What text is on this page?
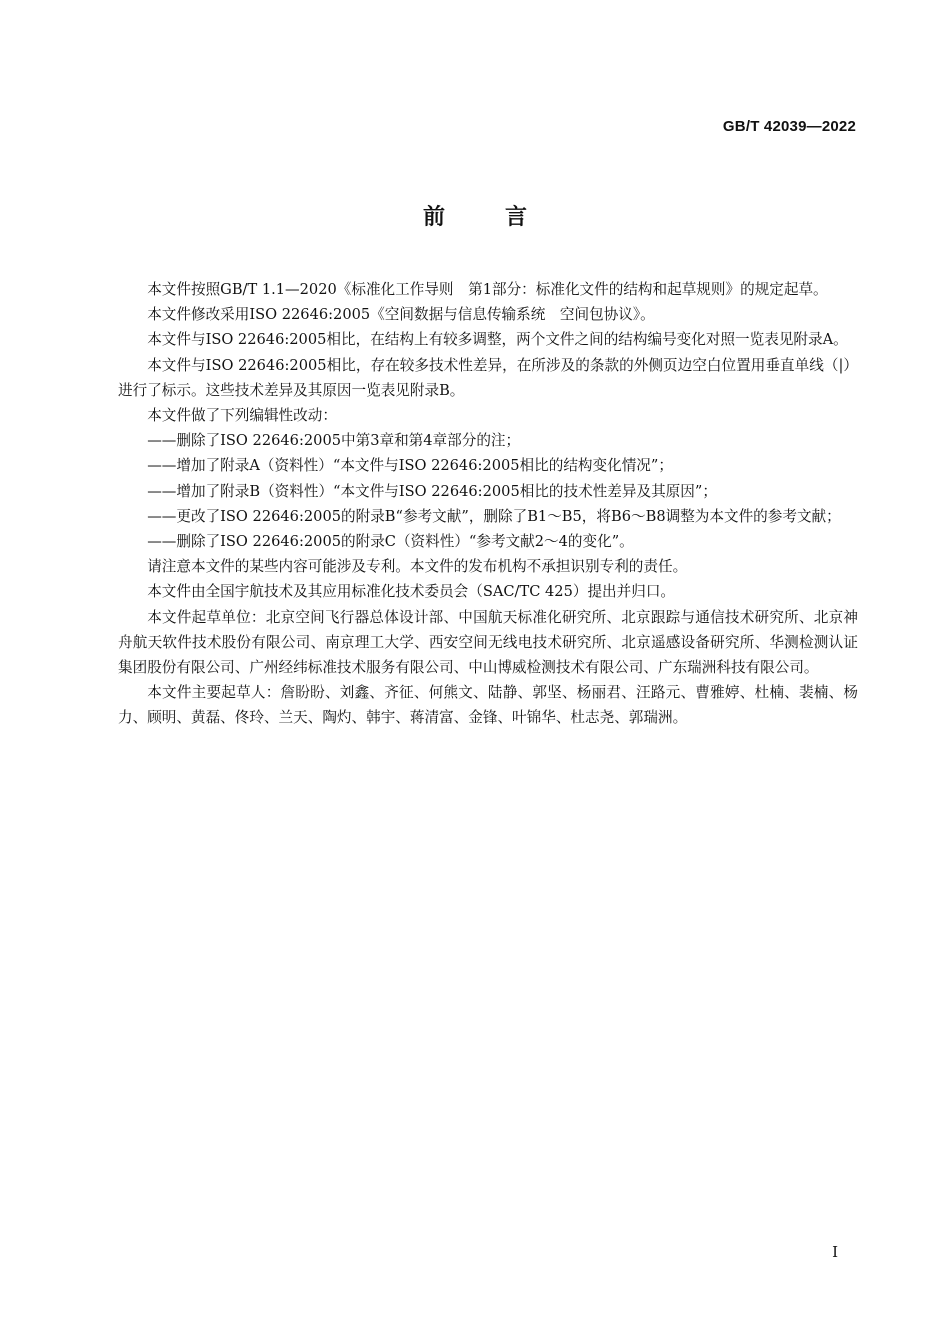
GB/T 42039—2022
前言

本文件按照GB/T 1.1—2020《标准化工作导则　第1部分：标准化文件的结构和起草规则》的规定起草。

本文件修改采用ISO 22646:2005《空间数据与信息传输系统　空间包协议》。

本文件与ISO 22646:2005相比，在结构上有较多调整，两个文件之间的结构编号变化对照一览表见附录A。

本文件与ISO 22646:2005相比，存在较多技术性差异，在所涉及的条款的外侧页边空白位置用垂直单线（|）进行了标示。这些技术差异及其原因一览表见附录B。

本文件做了下列编辑性改动：

——删除了ISO 22646:2005中第3章和第4章部分的注；

——增加了附录A（资料性）“本文件与ISO 22646:2005相比的结构变化情况”；

——增加了附录B（资料性）“本文件与ISO 22646:2005相比的技术性差异及其原因”；

——更改了ISO 22646:2005的附录B“参考文献”，删除了B1～B5，将B6～B8调整为本文件的参考文献；

——删除了ISO 22646:2005的附录C（资料性）“参考文献2～4的变化”。

请注意本文件的某些内容可能涉及专利。本文件的发布机构不承担识别专利的责任。

本文件由全国宇航技术及其应用标准化技术委员会（SAC/TC 425）提出并归口。

本文件起草单位：北京空间飞行器总体设计部、中国航天标准化研究所、北京跟踪与通信技术研究所、北京神舟航天软件技术股份有限公司、南京理工大学、西安空间无线电技术研究所、北京遥感设备研究所、华测检测认证集团股份有限公司、广州经纬标准技术服务有限公司、中山博威检测技术有限公司、广东瑞洲科技有限公司。

本文件主要起草人：詹盼盼、刘鑫、齐征、何熊文、陆静、郭坚、杨丽君、汪路元、曹雅婷、杜楠、裴楠、杨力、顾明、黄磊、佟玲、兰天、陶灼、韩宇、蒋清富、金锋、叶锦华、杜志尧、郭瑞洲。

I
